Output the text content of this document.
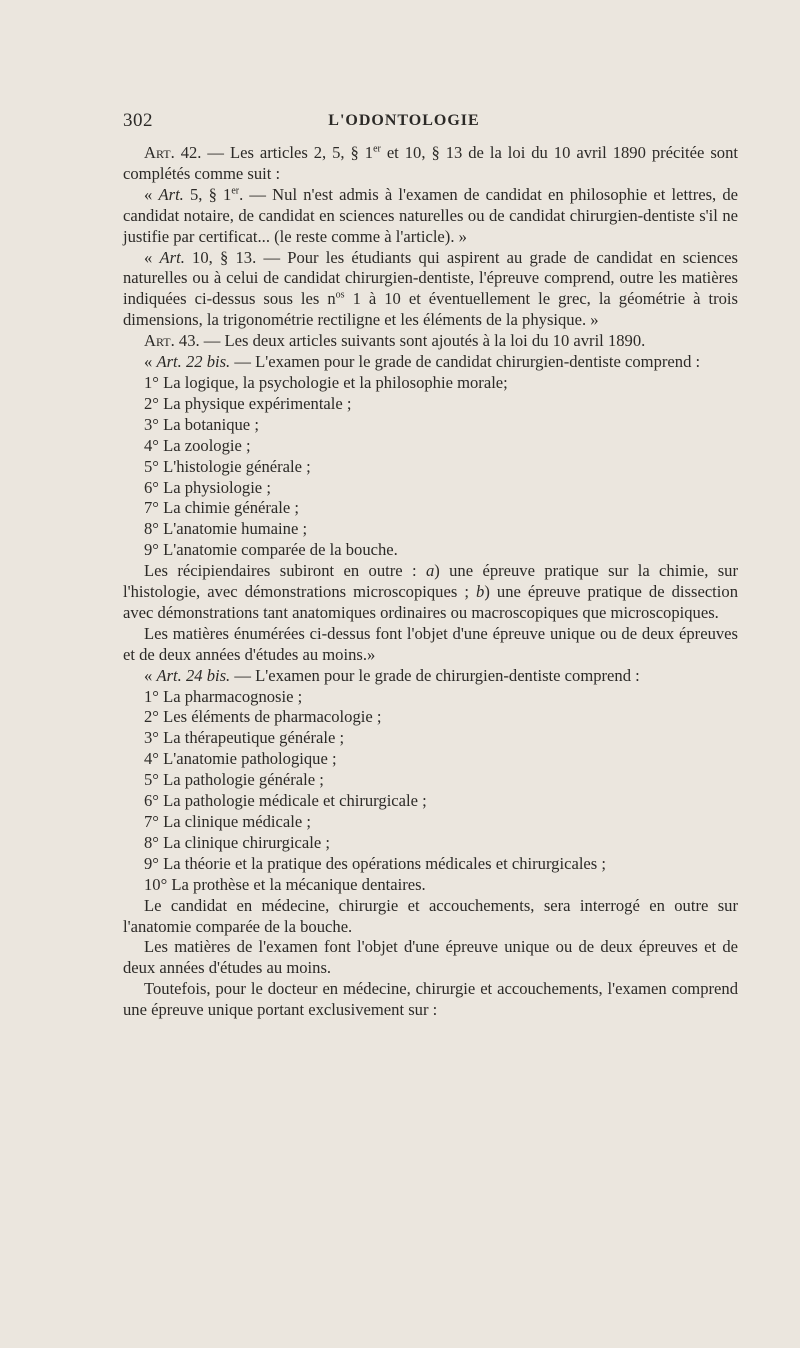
302	L'ODONTOLOGIE

Art. 42. — Les articles 2, 5, § 1er et 10, § 13 de la loi du 10 avril 1890 précitée sont complétés comme suit :

« Art. 5, § 1er. — Nul n'est admis à l'examen de candidat en philosophie et lettres, de candidat notaire, de candidat en sciences naturelles ou de candidat chirurgien-dentiste s'il ne justifie par certificat... (le reste comme à l'article). »

« Art. 10, § 13. — Pour les étudiants qui aspirent au grade de candidat en sciences naturelles ou à celui de candidat chirurgien-dentiste, l'épreuve comprend, outre les matières indiquées ci-dessus sous les $n^{os}$ 1 à 10 et éventuellement le grec, la géométrie à trois dimensions, la trigonométrie rectiligne et les éléments de la physique. »

Art. 43. — Les deux articles suivants sont ajoutés à la loi du 10 avril 1890.

« Art. 22 bis. — L'examen pour le grade de candidat chirurgien-dentiste comprend :

1° La logique, la psychologie et la philosophie morale;

2° La physique expérimentale ;

3° La botanique ;

4° La zoologie ;

5° L'histologie générale ;

6° La physiologie ;

7° La chimie générale ;

8° L'anatomie humaine ;

9° L'anatomie comparée de la bouche.

Les récipiendaires subiront en outre : a) une épreuve pratique sur la chimie, sur l'histologie, avec démonstrations microscopiques ; b) une épreuve pratique de dissection avec démonstrations tant anatomiques ordinaires ou macroscopiques que microscopiques.

Les matières énumérées ci-dessus font l'objet d'une épreuve unique ou de deux épreuves et de deux années d'études au moins.»

« Art. 24 bis. — L'examen pour le grade de chirurgien-dentiste comprend :

1° La pharmacognosie ;

2° Les éléments de pharmacologie ;

3° La thérapeutique générale ;

4° L'anatomie pathologique ;

5° La pathologie générale ;

6° La pathologie médicale et chirurgicale ;

7° La clinique médicale ;

8° La clinique chirurgicale ;

9° La théorie et la pratique des opérations médicales et chirurgicales ;

10° La prothèse et la mécanique dentaires.

Le candidat en médecine, chirurgie et accouchements, sera interrogé en outre sur l'anatomie comparée de la bouche.

Les matières de l'examen font l'objet d'une épreuve unique ou de deux épreuves et de deux années d'études au moins.

Toutefois, pour le docteur en médecine, chirurgie et accouchements, l'examen comprend une épreuve unique portant exclusivement sur :
